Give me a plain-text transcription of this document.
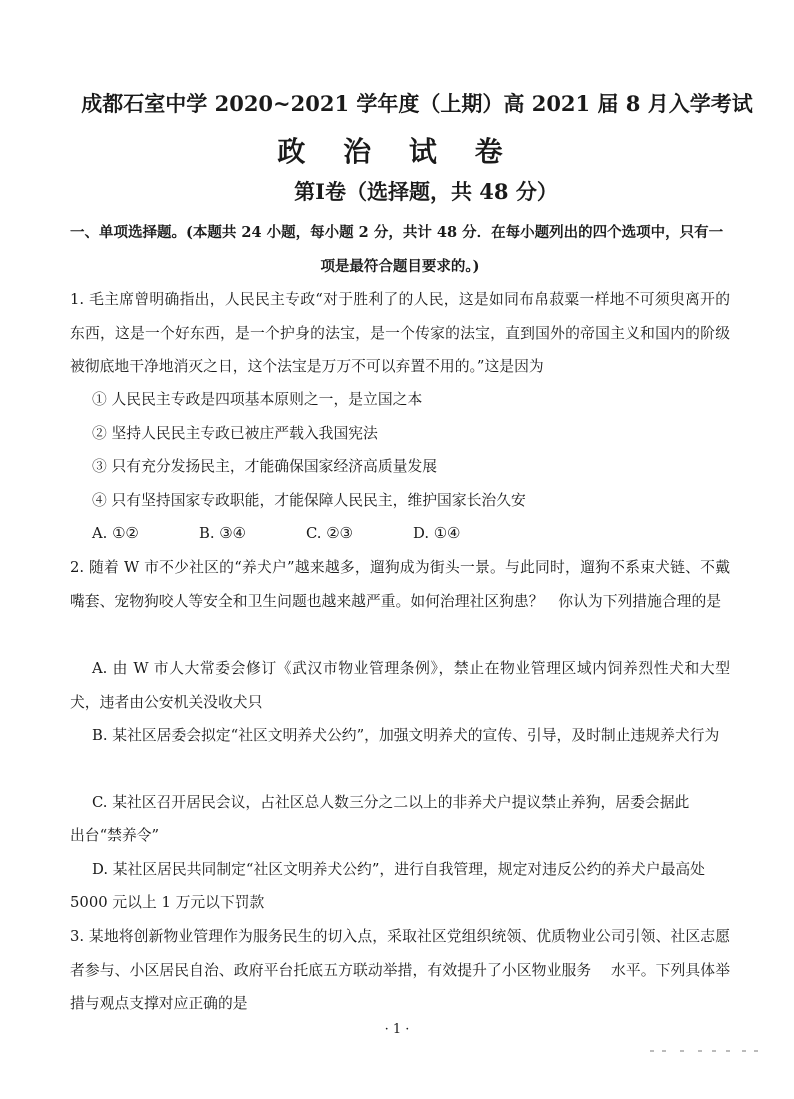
成都石室中学 2020~2021 学年度（上期）高 2021 届 8 月入学考试
政 治 试 卷
第Ⅰ卷（选择题，共 48 分）
一、单项选择题。(本题共 24 小题，每小题 2 分，共计 48 分．在每小题列出的四个选项中，只有一
项是最符合题目要求的。)
1. 毛主席曾明确指出，人民民主专政“对于胜利了的人民，这是如同布帛菽粟一样地不可须臾离开的东西，这是一个好东西，是一个护身的法宝，是一个传家的法宝，直到国外的帝国主义和国内的阶级被彻底地干净地消灭之日，这个法宝是万万不可以弃置不用的。”这是因为
① 人民民主专政是四项基本原则之一，是立国之本
② 坚持人民民主专政已被庄严载入我国宪法
③ 只有充分发扬民主，才能确保国家经济高质量发展
④ 只有坚持国家专政职能，才能保障人民民主，维护国家长治久安
A. ①②	B. ③④	C. ②③	D. ①④
2. 随着 W 市不少社区的“养犬户”越来越多，遛狗成为街头一景。与此同时，遛狗不系束犬链、不戴嘴套、宠物狗咬人等安全和卫生问题也越来越严重。如何治理社区狗患？　你认为下列措施合理的是
A. 由 W 市人大常委会修订《武汉市物业管理条例》，禁止在物业管理区域内饲养烈性犬和大型犬，违者由公安机关没收犬只
B. 某社区居委会拟定“社区文明养犬公约”，加强文明养犬的宣传、引导，及时制止违规养犬行为
C. 某社区召开居民会议，占社区总人数三分之二以上的非养犬户提议禁止养狗，居委会据此
出台“禁养令”
D. 某社区居民共同制定“社区文明养犬公约”，进行自我管理，规定对违反公约的养犬户最高处
5000 元以上 1 万元以下罚款
3. 某地将创新物业管理作为服务民生的切入点，采取社区党组织统领、优质物业公司引领、社区志愿者参与、小区居民自治、政府平台托底五方联动举措，有效提升了小区物业服务　 水平。下列具体举措与观点支撑对应正确的是
· 1 ·
